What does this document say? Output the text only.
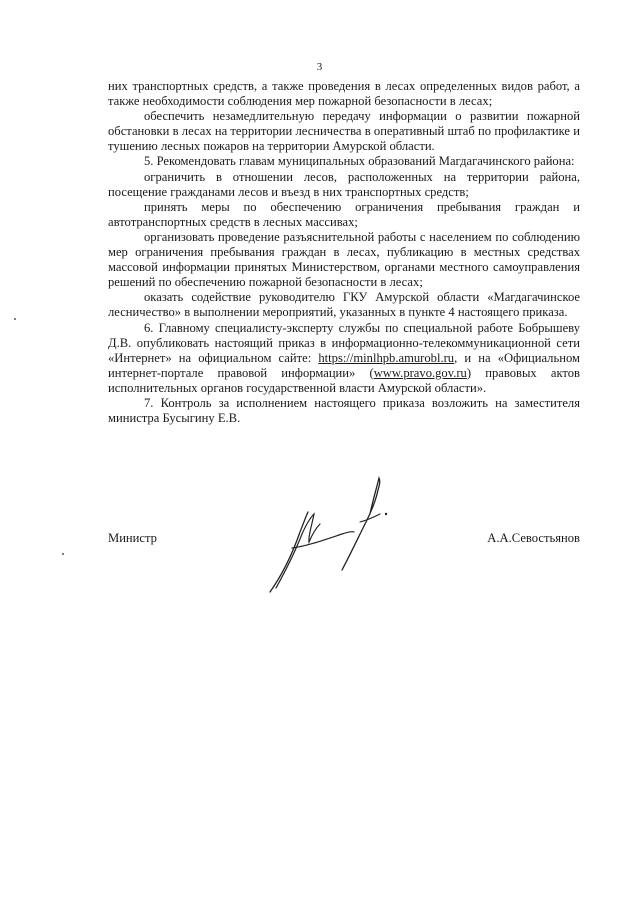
3

них транспортных средств, а также проведения в лесах определенных видов работ, а также необходимости соблюдения мер пожарной безопасности в лесах;

обеспечить незамедлительную передачу информации о развитии пожарной обстановки в лесах на территории лесничества в оперативный штаб по профилактике и тушению лесных пожаров на территории Амурской области.

5. Рекомендовать главам муниципальных образований Магдагачинского района:

ограничить в отношении лесов, расположенных на территории района, посещение гражданами лесов и въезд в них транспортных средств;

принять меры по обеспечению ограничения пребывания граждан и автотранспортных средств в лесных массивах;

организовать проведение разъяснительной работы с населением по соблюдению мер ограничения пребывания граждан в лесах, публикацию в местных средствах массовой информации принятых Министерством, органами местного самоуправления решений по обеспечению пожарной безопасности в лесах;

оказать содействие руководителю ГКУ Амурской области «Магдагачинское лесничество» в выполнении мероприятий, указанных в пункте 4 настоящего приказа.

6. Главному специалисту-эксперту службы по специальной работе Бобрышеву Д.В. опубликовать настоящий приказ в информационно-телекоммуникационной сети «Интернет» на официальном сайте: https://minlhpb.amurobl.ru, и на «Официальном интернет-портале правовой информации» (www.pravo.gov.ru) правовых актов исполнительных органов государственной власти Амурской области».

7. Контроль за исполнением настоящего приказа возложить на заместителя министра Бусыгину Е.В.

Министр	А.А.Севостьянов
